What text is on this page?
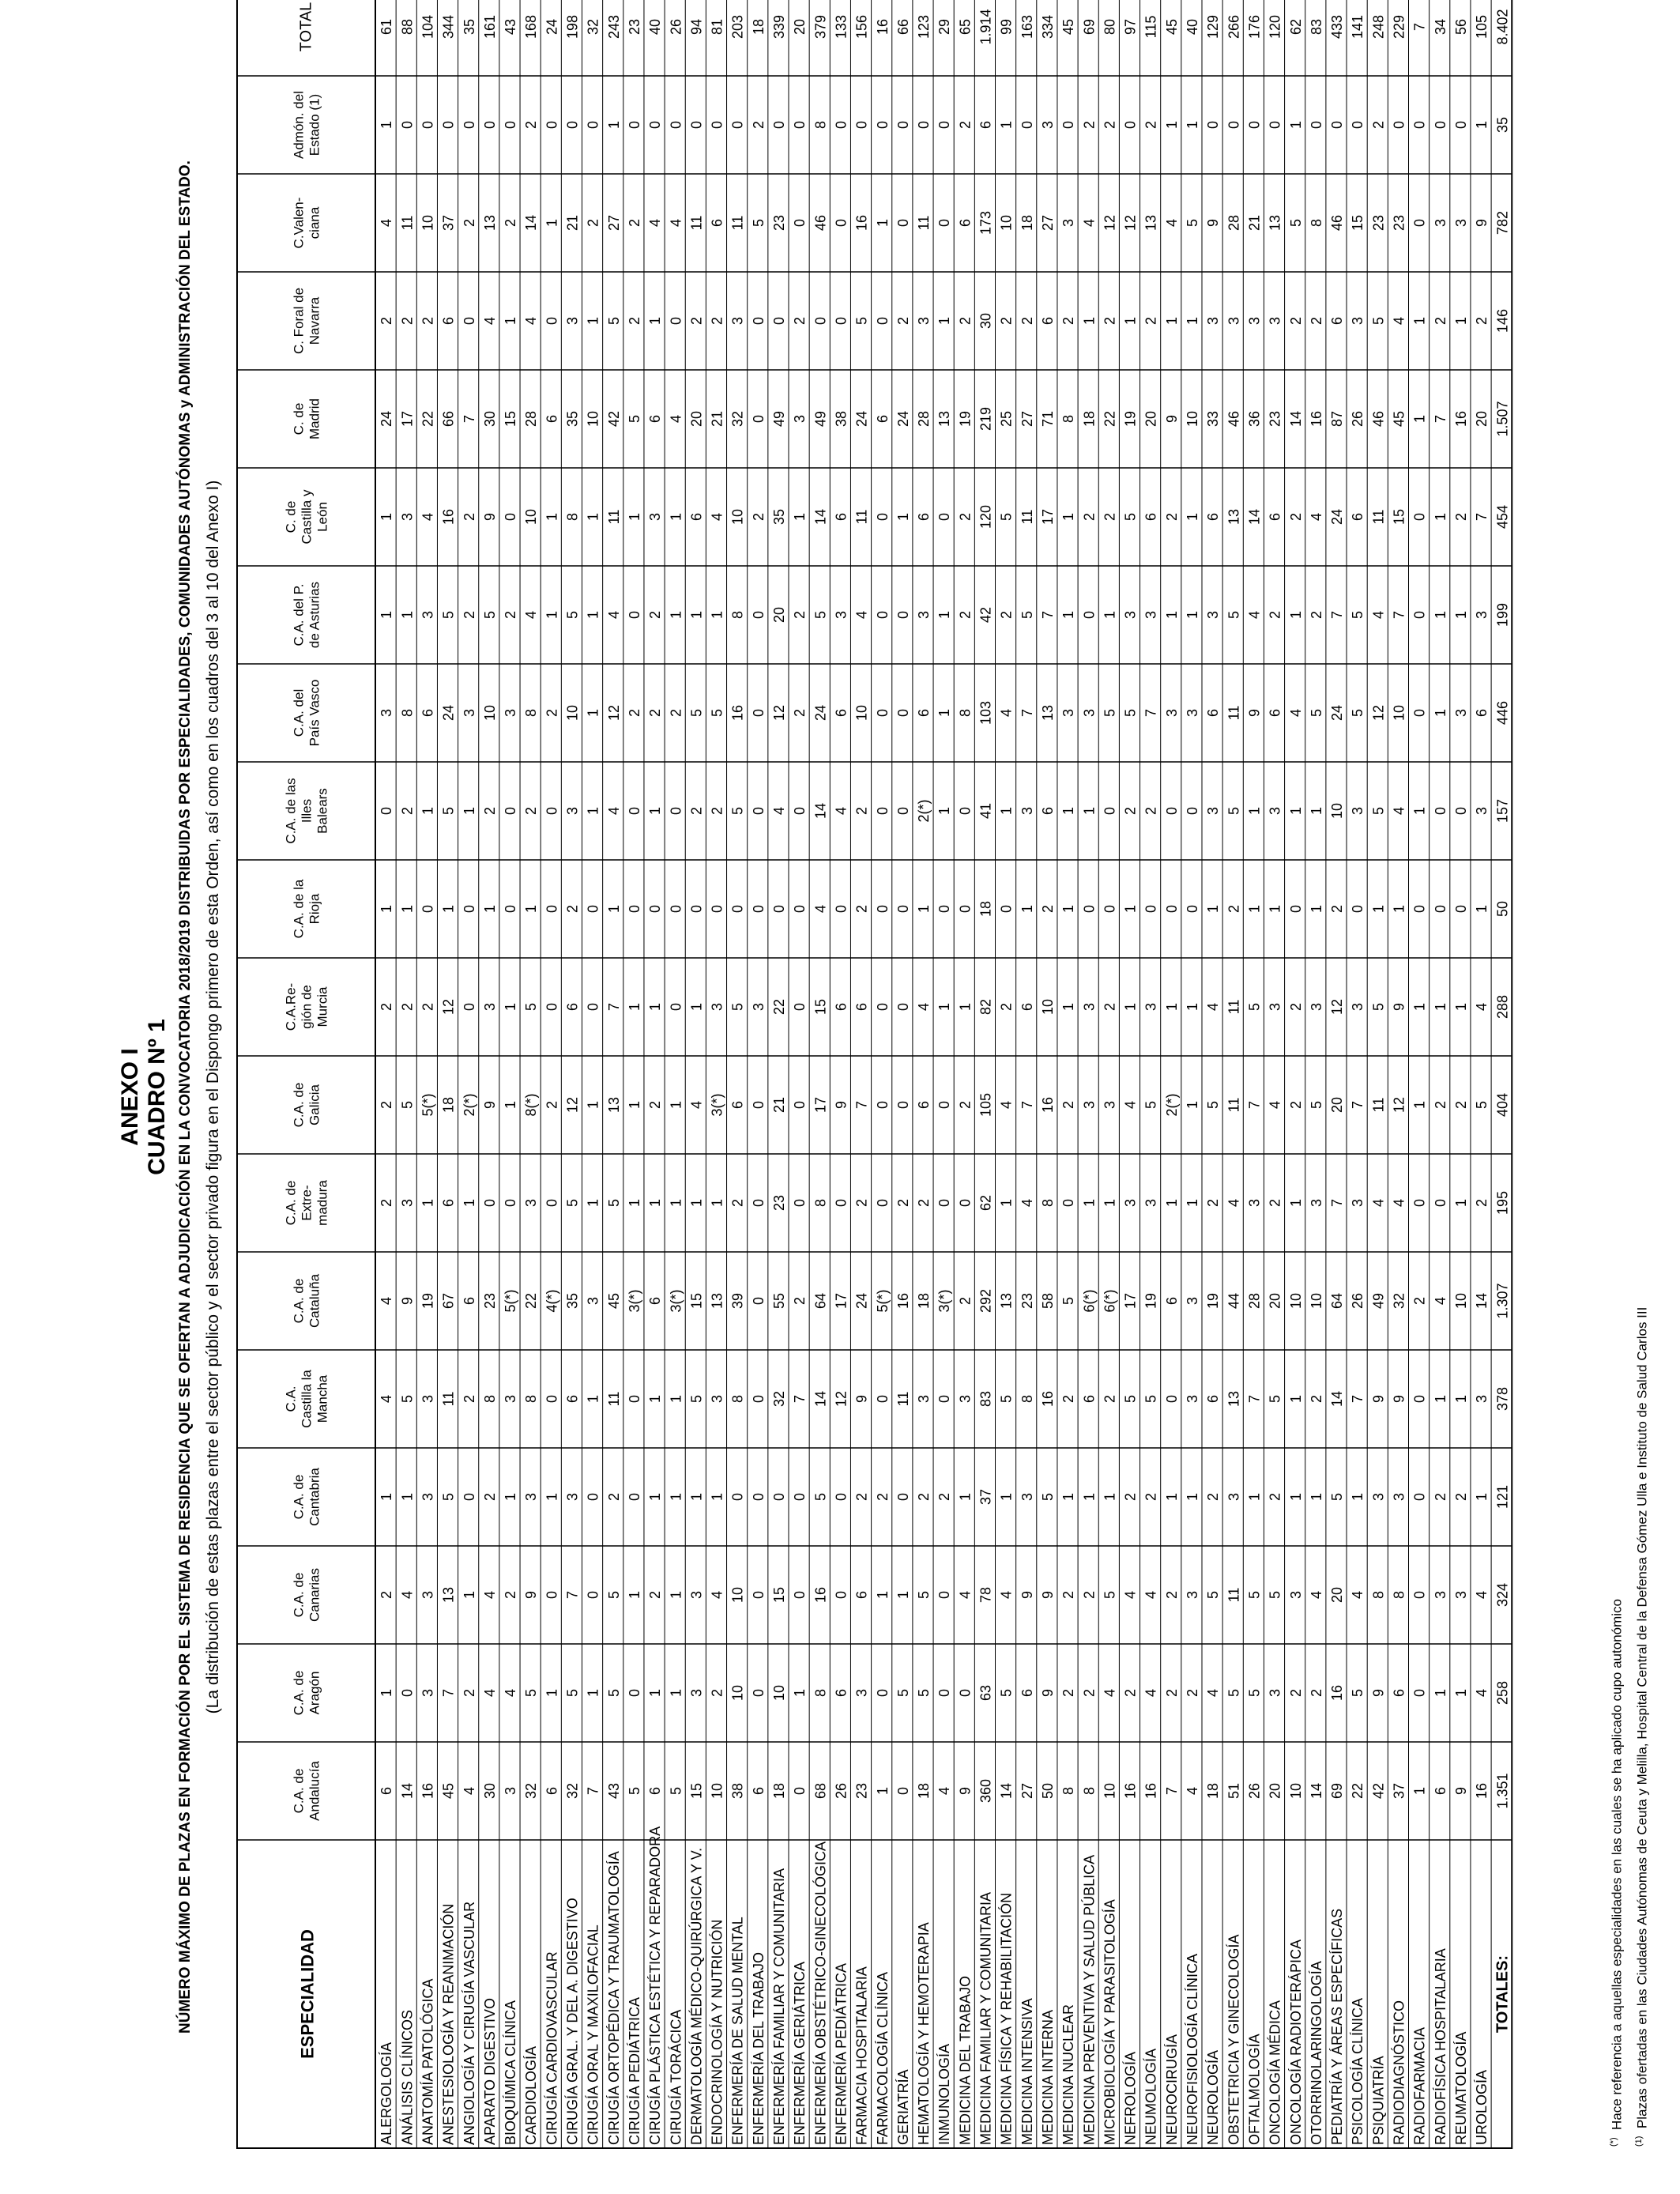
ANEXO I CUADRO Nº 1 NÚMERO MÁXIMO DE PLAZAS EN FORMACIÓN POR EL SISTEMA DE RESIDENCIA QUE SE OFERTAN A ADJUDICACIÓN EN LA CONVOCATORIA 2018/2019 DISTRIBUIDAS POR ESPECIALIDADES, COMUNIDADES AUTÓNOMAS y ADMINISTRACIÓN DEL ESTADO. (La distribución de estas plazas entre el sector público y el sector privado figura en el Dispongo primero de esta Orden, así como en los cuadros del 3 al 10 del Anexo I)
ESPECIALIDAD
C.A. de Andalucía
C.A. de Aragón
C.A. de Canarias
C.A. de Cantabria
C.A. Castilla la Mancha
C.A. de Cataluña
C.A. de Extre- madura
C.A. de Galicia
C.A.Re- gión de Murcia
C.A. de la Rioja
C.A. de las Illes Balears
C.A. del País Vasco
C.A. del P. de Asturias
C. de Castilla y León
C. de Madrid
C. Foral de Navarra
C.Valen- ciana
Admón. del Estado (1)
TOTAL
ALERGOLOGÍA
6
1
2
1
4
4
2
2
2
1
0
3
1
1
24
2
4
1
61
ANÁLISIS CLÍNICOS
14
0
4
1
5
9
3
5
2
1
2
8
1
3
17
2
11
0
88
ANATOMÍA PATOLÓGICA
16
3
3
3
3
19
1
5(*)
2
0
1
6
3
4
22
2
10
0
104
ANESTESIOLOGÍA Y REANIMACIÓN
45
7
13
5
11
67
6
18
12
1
5
24
5
16
66
6
37
0
344
ANGIOLOGÍA Y CIRUGÍA VASCULAR
4
2
1
0
2
6
1
2(*)
0
0
1
3
2
2
7
0
2
0
35
APARATO DIGESTIVO
30
4
4
2
8
23
0
9
3
1
2
10
5
9
30
4
13
0
161
BIOQUÍMICA CLÍNICA
3
4
2
1
3
5(*)
0
1
1
0
0
3
2
0
15
1
2
0
43
CARDIOLOGÍA
32
5
9
3
8
22
3
8(*)
5
1
2
8
4
10
28
4
14
2
168
CIRUGÍA CARDIOVASCULAR
6
1
0
1
0
4(*)
0
2
0
0
0
2
1
1
6
0
1
0
24
CIRUGÍA GRAL. Y DEL A. DIGESTIVO
32
5
7
3
6
35
5
12
6
2
3
10
5
8
35
3
21
0
198
CIRUGÍA ORAL Y MAXILOFACIAL
7
1
0
0
1
3
1
1
0
0
1
1
1
1
10
1
2
0
32
CIRUGÍA ORTOPÉDICA Y TRAUMATOLOGÍA
43
5
5
2
11
45
5
13
7
1
4
12
4
11
42
5
27
1
243
CIRUGÍA PEDIÁTRICA
5
0
1
0
0
3(*)
1
1
1
0
0
2
0
1
5
2
2
0
23
CIRUGÍA PLÁSTICA ESTÉTICA Y REPARADORA
6
1
2
1
1
6
1
2
1
0
1
2
2
3
6
1
4
0
40
CIRUGÍA TORÁCICA
5
1
1
1
1
3(*)
1
1
0
0
0
2
1
1
4
0
4
0
26
DERMATOLOGÍA MÉDICO-QUIRÚRGICA Y V.
15
3
3
1
5
15
1
4
1
0
2
5
1
6
20
2
11
0
94
ENDOCRINOLOGÍA Y NUTRICIÓN
10
2
4
1
3
13
1
3(*)
3
0
2
5
1
4
21
2
6
0
81
ENFERMERÍA DE SALUD MENTAL
38
10
10
0
8
39
2
6
5
0
5
16
8
10
32
3
11
0
203
ENFERMERÍA DEL TRABAJO
6
0
0
0
0
0
0
0
3
0
0
0
0
2
0
0
5
2
18
ENFERMERÍA FAMILIAR Y COMUNITARIA
18
10
15
0
32
55
23
21
22
0
4
12
20
35
49
0
23
0
339
ENFERMERÍA GERIÁTRICA
0
1
0
0
7
2
0
0
0
0
0
2
2
1
3
2
0
0
20
ENFERMERÍA OBSTÉTRICO-GINECOLÓGICA
68
8
16
5
14
64
8
17
15
4
14
24
5
14
49
0
46
8
379
ENFERMERÍA PEDIÁTRICA
26
6
0
0
12
17
0
9
6
0
4
6
3
6
38
0
0
0
133
FARMACIA HOSPITALARIA
23
3
6
2
9
24
2
7
6
2
2
10
4
11
24
5
16
0
156
FARMACOLOGÍA CLÍNICA
1
0
1
2
0
5(*)
0
0
0
0
0
0
0
0
6
0
1
0
16
GERIATRÍA
0
5
1
0
11
16
2
0
0
0
0
0
0
1
24
2
0
0
66
HEMATOLOGÍA Y HEMOTERAPIA
18
5
5
2
3
18
2
6
4
1
2(*)
6
3
6
28
3
11
0
123
INMUNOLOGÍA
4
0
0
2
0
3(*)
0
0
1
0
1
1
1
0
13
1
0
0
29
MEDICINA DEL TRABAJO
9
0
4
1
3
2
0
2
1
0
0
8
2
2
19
2
6
2
65
MEDICINA FAMILIAR Y COMUNITARIA
360
63
78
37
83
292
62
105
82
18
41
103
42
120
219
30
173
6
1.914
MEDICINA FÍSICA Y REHABILITACIÓN
14
5
4
1
5
13
1
4
2
0
1
4
2
5
25
2
10
1
99
MEDICINA INTENSIVA
27
6
9
3
8
23
4
7
6
1
3
7
5
11
27
2
18
0
163
MEDICINA INTERNA
50
9
9
5
16
58
8
16
10
2
6
13
7
17
71
6
27
3
334
MEDICINA NUCLEAR
8
2
2
1
2
5
0
2
1
1
1
3
1
1
8
2
3
0
45
MEDICINA PREVENTIVA Y SALUD PÚBLICA
8
2
2
1
6
6(*)
1
3
3
0
1
3
0
2
18
1
4
2
69
MICROBIOLOGÍA Y PARASITOLOGÍA
10
4
5
1
2
6(*)
1
3
2
0
0
5
1
2
22
2
12
2
80
NEFROLOGÍA
16
2
4
2
5
17
3
4
1
1
2
5
3
5
19
1
12
0
97
NEUMOLOGÍA
16
4
4
2
5
19
3
5
3
0
2
7
3
6
20
2
13
2
115
NEUROCIRUGÍA
7
2
2
1
0
6
1
2(*)
1
0
0
3
1
2
9
1
4
1
45
NEUROFISIOLOGÍA CLÍNICA
4
2
3
1
3
3
1
1
1
0
0
3
1
1
10
1
5
1
40
NEUROLOGÍA
18
4
5
2
6
19
2
5
4
1
3
6
3
6
33
3
9
0
129
OBSTETRICIA Y GINECOLOGÍA
51
5
11
3
13
44
4
11
11
2
5
11
5
13
46
3
28
0
266
OFTALMOLOGÍA
26
5
5
1
7
28
3
7
5
1
1
9
4
14
36
3
21
0
176
ONCOLOGÍA MÉDICA
20
3
5
2
5
20
2
4
3
1
3
6
2
6
23
3
13
0
120
ONCOLOGÍA RADIOTERÁPICA
10
2
3
1
1
10
1
2
2
0
1
4
1
2
14
2
5
1
62
OTORRINOLARINGOLOGÍA
14
2
4
1
2
10
3
5
3
1
1
5
2
4
16
2
8
0
83
PEDIATRÍA Y ÁREAS ESPECÍFICAS
69
16
20
5
14
64
7
20
12
2
10
24
7
24
87
6
46
0
433
PSICOLOGÍA CLÍNICA
22
5
4
1
7
26
3
7
3
0
3
5
5
6
26
3
15
0
141
PSIQUIATRÍA
42
9
8
3
9
49
4
11
5
1
5
12
4
11
46
5
23
2
248
RADIODIAGNÓSTICO
37
6
8
3
9
32
4
12
9
1
4
10
7
15
45
4
23
0
229
RADIOFARMACIA
1
0
0
0
0
2
0
1
1
0
1
0
0
0
1
1
0
0
7
RADIOFÍSICA HOSPITALARIA
6
1
3
2
1
4
0
2
1
0
0
1
1
1
7
2
3
0
34
REUMATOLOGÍA
9
1
3
2
1
10
1
2
1
0
0
3
1
2
16
1
3
0
56
UROLOGÍA
16
4
4
1
3
14
2
5
4
1
3
6
3
7
20
2
9
1
105
TOTALES:
1.351
258
324
121
378
1.307
195
404
288
50
157
446
199
454
1.507
146
782
35
8.402
(*)  Hace referencia a aquellas especialidades en las cuales se ha aplicado cupo autonómico
$^{(1)}$  Plazas ofertadas en las Ciudades Autónomas de Ceuta y Melilla, Hospital Central de la Defensa Gómez Ulla e Instituto de Salud Carlos III
